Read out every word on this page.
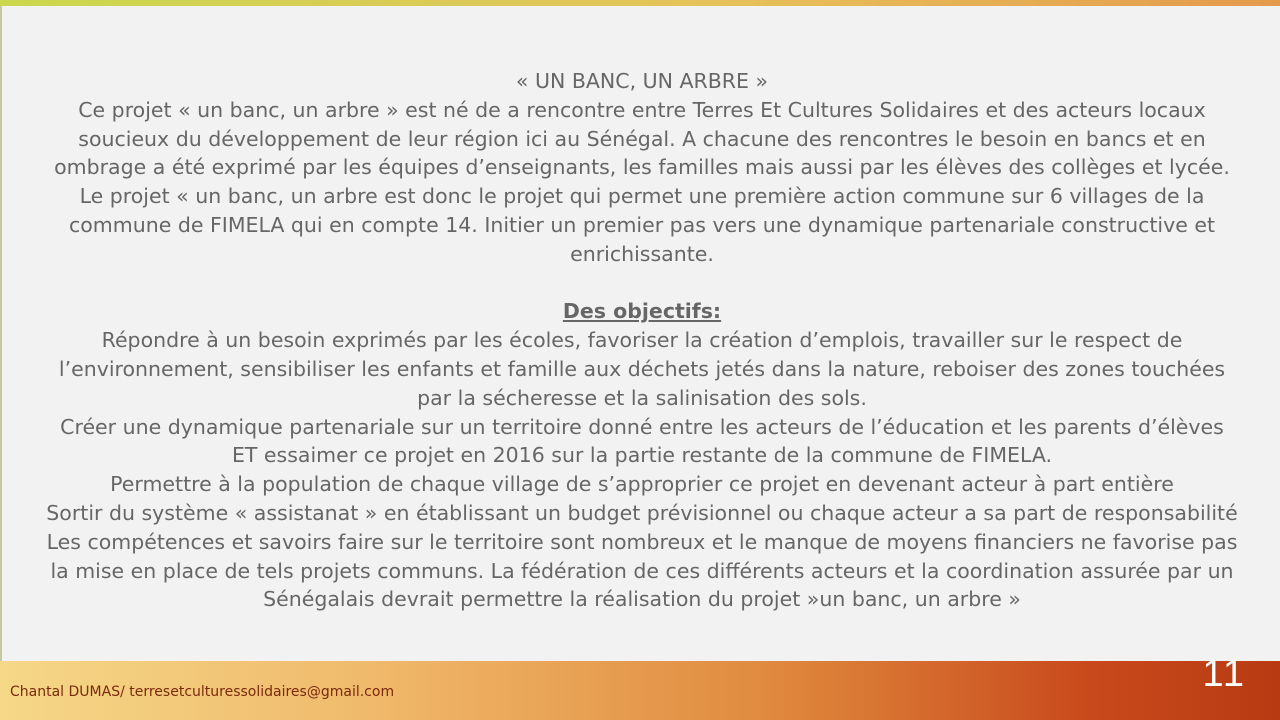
« UN BANC, UN ARBRE »

Ce projet « un banc, un arbre » est né de a rencontre entre Terres Et Cultures Solidaires et des acteurs locaux

soucieux du développement de leur région ici au Sénégal. A chacune des rencontres le besoin en bancs et en

ombrage a été exprimé par les équipes d’enseignants, les familles mais aussi par les élèves des collèges et lycée.

Le projet « un banc, un arbre est donc le projet qui permet une première action commune sur 6 villages de la

commune de FIMELA qui en compte 14. Initier un premier pas vers une dynamique partenariale constructive et

enrichissante.

Des objectifs:

Répondre à un besoin exprimés par les écoles, favoriser la création d’emplois, travailler sur le respect de

l’environnement, sensibiliser les enfants et famille aux déchets jetés dans la nature, reboiser des zones touchées

par la sécheresse et la salinisation des sols.

Créer une dynamique partenariale sur un territoire donné entre les acteurs de l’éducation et les parents d’élèves

ET essaimer ce projet en 2016 sur la partie restante de la commune de FIMELA.

Permettre à la population de chaque village de s’approprier ce projet en devenant acteur à part entière

Sortir du système « assistanat » en établissant un budget prévisionnel ou chaque acteur a sa part de responsabilité

Les compétences et savoirs faire sur le territoire sont nombreux et le manque de moyens financiers ne favorise pas

la mise en place de tels projets communs. La fédération de ces différents acteurs et la coordination assurée par un

Sénégalais devrait permettre la réalisation du projet »un banc, un arbre »

Chantal DUMAS/ terresetculturessolidaires@gmail.com	11
